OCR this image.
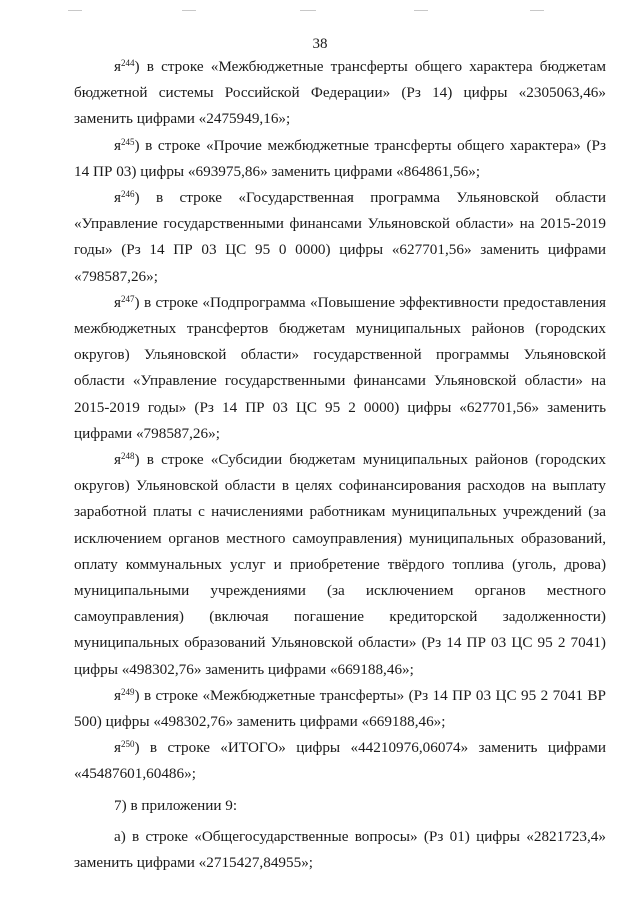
38

$я^{244}$) в строке «Межбюджетные трансферты общего характера бюджетам бюджетной системы Российской Федерации» (Рз 14) цифры «2305063,46» заменить цифрами «2475949,16»;

$я^{245}$) в строке «Прочие межбюджетные трансферты общего характера» (Рз 14 ПР 03) цифры «693975,86» заменить цифрами «864861,56»;

$я^{246}$) в строке «Государственная программа Ульяновской области «Управление государственными финансами Ульяновской области» на 2015-2019 годы» (Рз 14 ПР 03 ЦС 95 0 0000) цифры «627701,56» заменить цифрами «798587,26»;

$я^{247}$) в строке «Подпрограмма «Повышение эффективности предоставления межбюджетных трансфертов бюджетам муниципальных районов (городских округов) Ульяновской области» государственной программы Ульяновской области «Управление государственными финансами Ульяновской области» на 2015-2019 годы» (Рз 14 ПР 03 ЦС 95 2 0000) цифры «627701,56» заменить цифрами «798587,26»;

$я^{248}$) в строке «Субсидии бюджетам муниципальных районов (городских округов) Ульяновской области в целях софинансирования расходов на выплату заработной платы с начислениями работникам муниципальных учреждений (за исключением органов местного самоуправления) муниципальных образований, оплату коммунальных услуг и приобретение твёрдого топлива (уголь, дрова) муниципальными учреждениями (за исключением органов местного самоуправления) (включая погашение кредиторской задолженности) муниципальных образований Ульяновской области» (Рз 14 ПР 03 ЦС 95 2 7041) цифры «498302,76» заменить цифрами «669188,46»;

$я^{249}$) в строке «Межбюджетные трансферты» (Рз 14 ПР 03 ЦС 95 2 7041 ВР 500) цифры «498302,76» заменить цифрами «669188,46»;

$я^{250}$) в строке «ИТОГО» цифры «44210976,06074» заменить цифрами «45487601,60486»;

7) в приложении 9:

а) в строке «Общегосударственные вопросы» (Рз 01) цифры «2821723,4» заменить цифрами «2715427,84955»;
